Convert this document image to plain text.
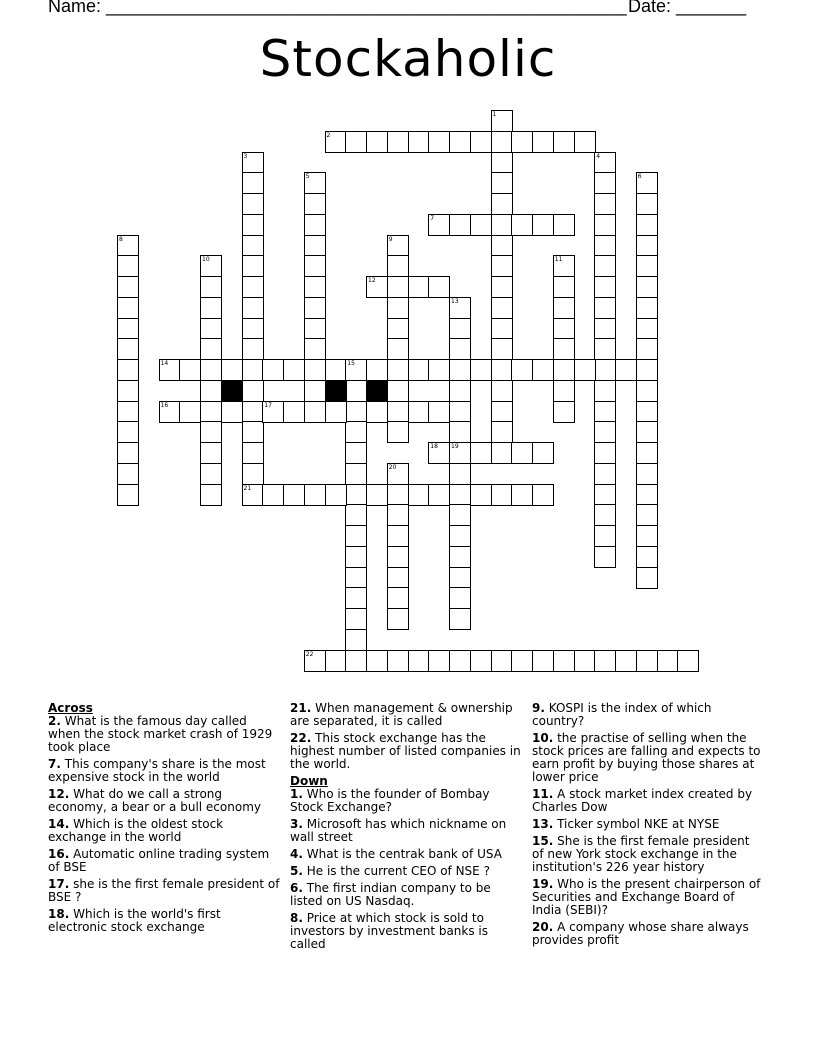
Name: ____________________________________________________ Date: _______
Stockaholic
1
2
3
21
4
5	6
7
8	9
10	11
12
13
14	15
16	17
18 19
20
22
Across
2. What is the famous day called when the stock market crash of 1929 took place
7. This company's share is the most expensive stock in the world
12. What do we call a strong economy, a bear or a bull economy
14. Which is the oldest stock exchange in the world
16. Automatic online trading system of BSE
17. she is the first female president of BSE ?
18. Which is the world's first electronic stock exchange
21. When management & ownership are separated, it is called
22. This stock exchange has the highest number of listed companies in the world.
Down
1. Who is the founder of Bombay Stock Exchange?
3. Microsoft has which nickname on wall street
4. What is the centrak bank of USA
5. He is the current CEO of NSE ?
6. The first indian company to be listed on US Nasdaq.
8. Price at which stock is sold to investors by investment banks is called
9. KOSPI is the index of which country?
10. the practise of selling when the stock prices are falling and expects to earn profit by buying those shares at lower price
11. A stock market index created by Charles Dow
13. Ticker symbol NKE at NYSE
15. She is the first female president of new York stock exchange in the institution's 226 year history
19. Who is the present chairperson of Securities and Exchange Board of India (SEBI)?
20. A company whose share always provides profit
